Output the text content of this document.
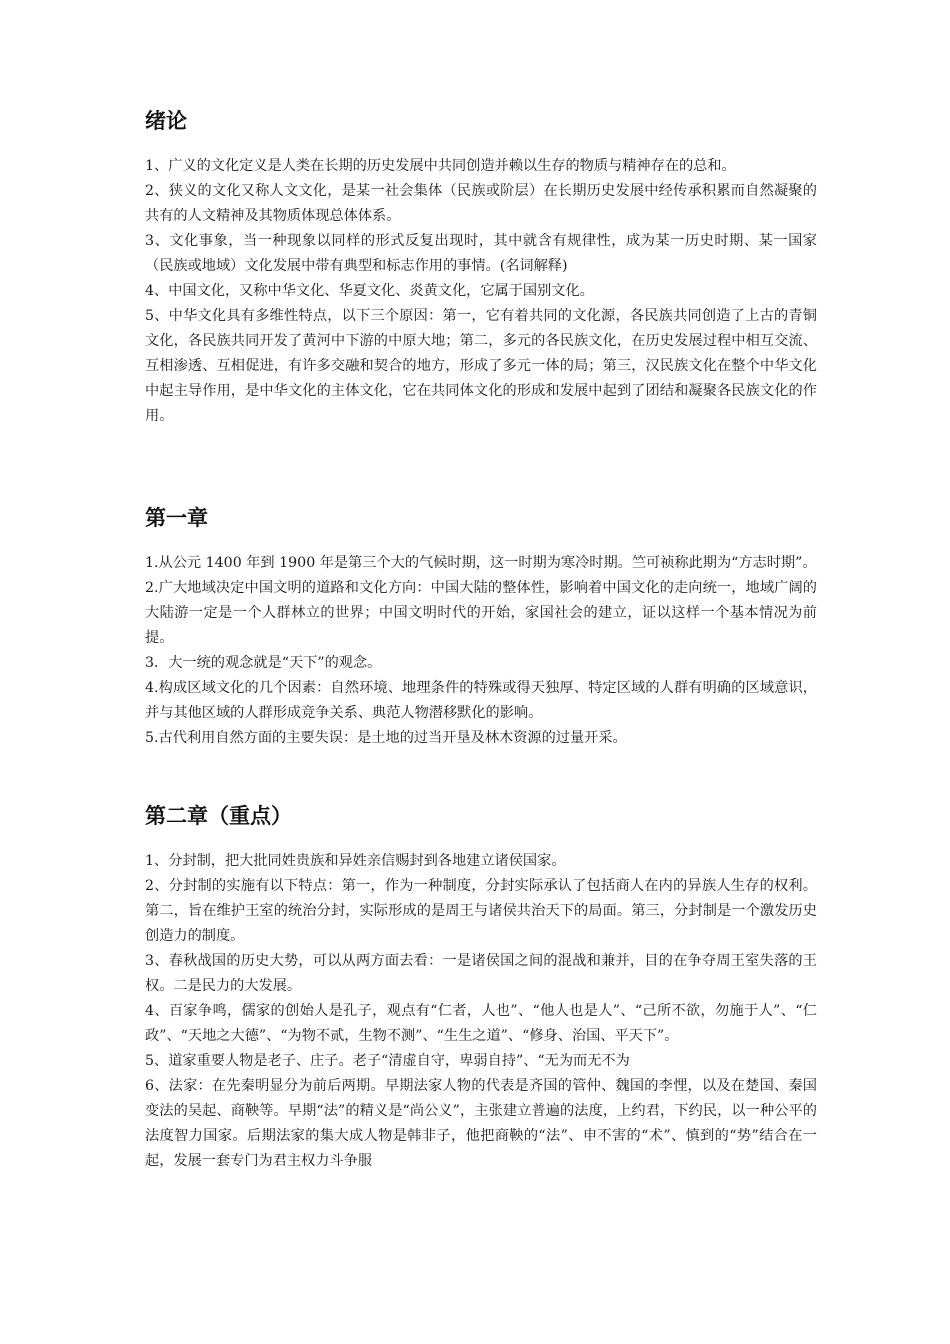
绪论

1、广义的文化定义是人类在长期的历史发展中共同创造并赖以生存的物质与精神存在的总和。

2、狭义的文化又称人文文化，是某一社会集体（民族或阶层）在长期历史发展中经传承积累而自然凝聚的共有的人文精神及其物质体现总体体系。

3、文化事象，当一种现象以同样的形式反复出现时，其中就含有规律性，成为某一历史时期、某一国家（民族或地域）文化发展中带有典型和标志作用的事情。(名词解释)

4、中国文化，又称中华文化、华夏文化、炎黄文化，它属于国别文化。

5、中华文化具有多维性特点，以下三个原因：第一，它有着共同的文化源，各民族共同创造了上古的青铜文化，各民族共同开发了黄河中下游的中原大地；第二，多元的各民族文化，在历史发展过程中相互交流、互相渗透、互相促进，有许多交融和契合的地方，形成了多元一体的局；第三，汉民族文化在整个中华文化中起主导作用，是中华文化的主体文化，它在共同体文化的形成和发展中起到了团结和凝聚各民族文化的作用。

第一章

1.从公元 1400 年到 1900 年是第三个大的气候时期，这一时期为寒冷时期。竺可祯称此期为“方志时期”。

2.广大地域决定中国文明的道路和文化方向：中国大陆的整体性，影响着中国文化的走向统一，地域广阔的大陆游一定是一个人群林立的世界；中国文明时代的开始，家国社会的建立，证以这样一个基本情况为前提。

3．大一统的观念就是“天下”的观念。

4.构成区域文化的几个因素：自然环境、地理条件的特殊或得天独厚、特定区域的人群有明确的区域意识，并与其他区域的人群形成竞争关系、典范人物潜移默化的影响。

5.古代利用自然方面的主要失误：是土地的过当开垦及林木资源的过量开采。

第二章（重点）

1、分封制，把大批同姓贵族和异姓亲信赐封到各地建立诸侯国家。

2、分封制的实施有以下特点：第一，作为一种制度，分封实际承认了包括商人在内的异族人生存的权利。第二，旨在维护王室的统治分封，实际形成的是周王与诸侯共治天下的局面。第三，分封制是一个激发历史创造力的制度。

3、春秋战国的历史大势，可以从两方面去看：一是诸侯国之间的混战和兼并，目的在争夺周王室失落的王权。二是民力的大发展。

4、百家争鸣，儒家的创始人是孔子，观点有“仁者，人也”、“他人也是人”、“己所不欲，勿施于人”、“仁政”、“天地之大德”、“为物不贰，生物不测”、“生生之道”、“修身、治国、平天下”。

5、道家重要人物是老子、庄子。老子“清虚自守，卑弱自持”、“无为而无不为

6、法家：在先秦明显分为前后两期。早期法家人物的代表是齐国的管仲、魏国的李悝，以及在楚国、秦国变法的吴起、商鞅等。早期“法”的精义是“尚公义”，主张建立普遍的法度，上约君，下约民，以一种公平的法度智力国家。后期法家的集大成人物是韩非子，他把商鞅的“法”、申不害的“术”、慎到的“势”结合在一起，发展一套专门为君主权力斗争服
